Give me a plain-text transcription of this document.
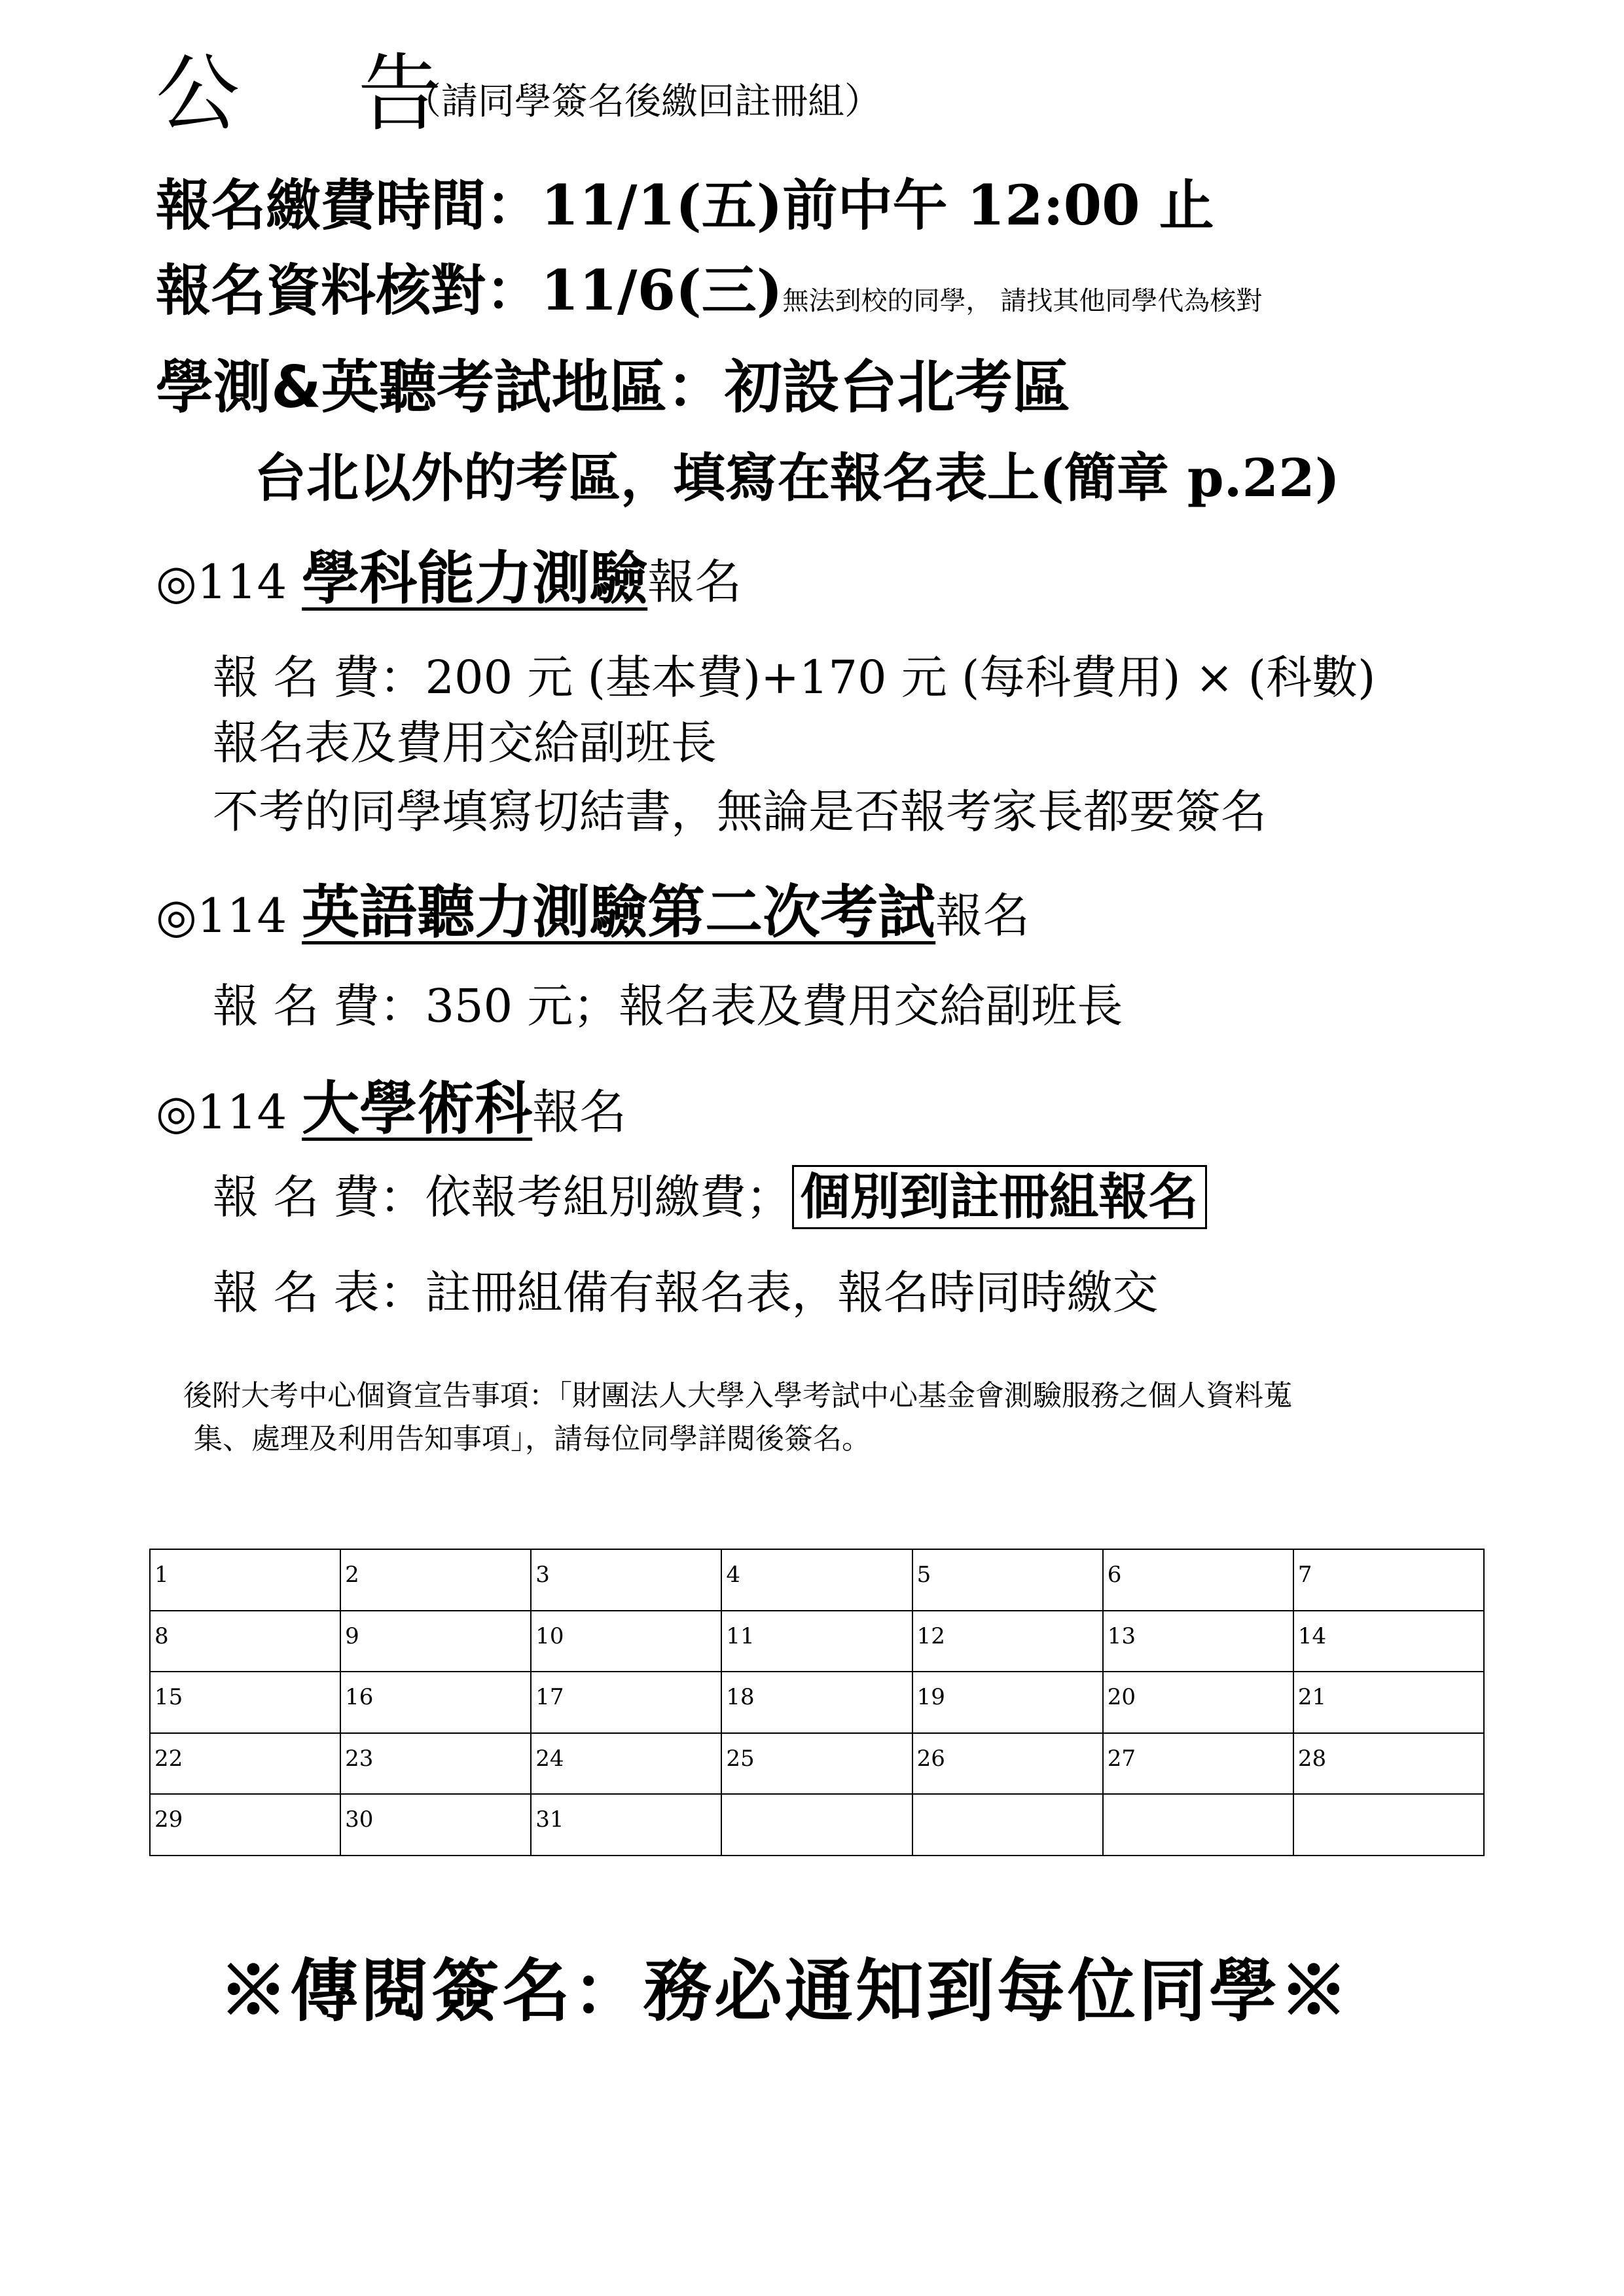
公 告
（請同學簽名後繳回註冊組）
報名繳費時間：11/1(五)前中午 12:00 止
報名資料核對：11/6(三)無法到校的同學， 請找其他同學代為核對
學測&英聽考試地區：初設台北考區
台北以外的考區，填寫在報名表上(簡章 p.22)
◎114 學科能力測驗報名
報 名 費：200 元 (基本費)+170 元 (每科費用) × (科數)
報名表及費用交給副班長
不考的同學填寫切結書，無論是否報考家長都要簽名
◎114 英語聽力測驗第二次考試報名
報 名 費：350 元；報名表及費用交給副班長
◎114 大學術科報名
報 名 費：依報考組別繳費； 個別到註冊組報名
報 名 表：註冊組備有報名表，報名時同時繳交
後附大考中心個資宣告事項：「財團法人大學入學考試中心基金會測驗服務之個人資料蒐
集、處理及利用告知事項」，請每位同學詳閱後簽名。
1	2	3	4	5	6	7
8	9	10	11	12	13	14
15	16	17	18	19	20	21
22	23	24	25	26	27	28
29	30	31				
※傳閱簽名：務必通知到每位同學※
